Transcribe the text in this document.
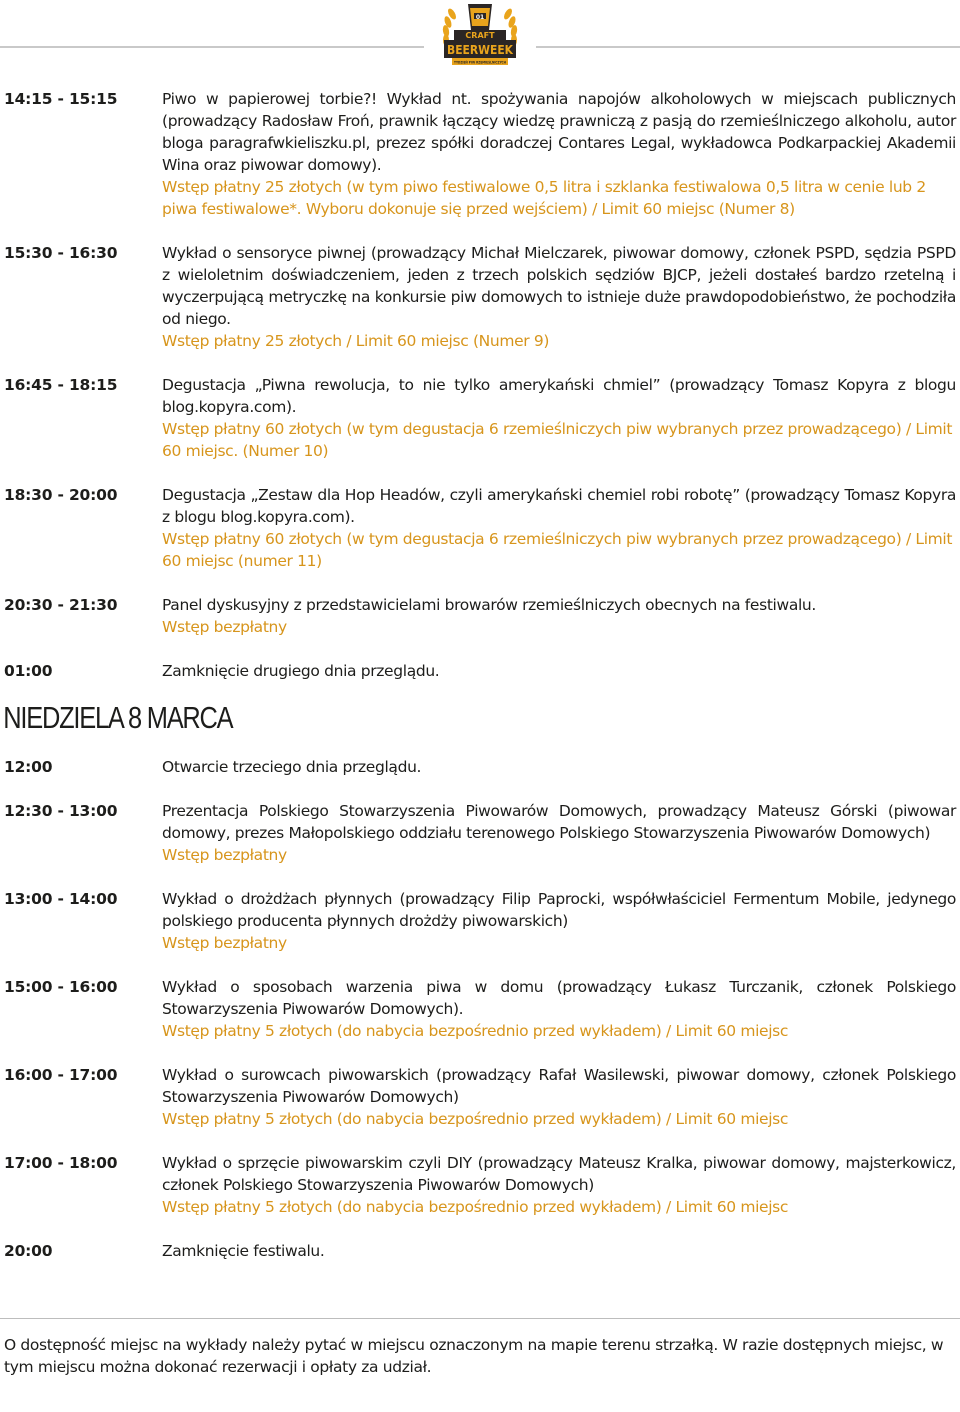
01
CRAFT
BEERWEEK
TYDZIEŃ PIW RZEMIEŚLNICZYCH
14:15 - 15:15	Piwo w papierowej torbie?! Wykład nt. spożywania napojów alkoholowych w miejscach publicznych (prowadzący Radosław Froń, prawnik łączący wiedzę prawniczą z pasją do rzemieślniczego alkoholu, autor bloga paragrafwkieliszku.pl, prezez spółki doradczej Contares Legal, wykładowca Podkarpackiej Akademii Wina oraz piwowar domowy).
Wstęp płatny 25 złotych (w tym piwo festiwalowe 0,5 litra i szklanka festiwalowa 0,5 litra w cenie lub 2 piwa festiwalowe*. Wyboru dokonuje się przed wejściem) / Limit 60 miejsc (Numer 8)
15:30 - 16:30	Wykład o sensoryce piwnej (prowadzący Michał Mielczarek, piwowar domowy, członek PSPD, sędzia PSPD z wieloletnim doświadczeniem, jeden z trzech polskich sędziów BJCP, jeżeli dostałeś bardzo rzetelną i wyczerpującą metryczkę na konkursie piw domowych to istnieje duże prawdopodobieństwo, że pochodziła od niego.
Wstęp płatny 25 złotych / Limit 60 miejsc (Numer 9)
16:45 - 18:15	Degustacja „Piwna rewolucja, to nie tylko amerykański chmiel” (prowadzący Tomasz Kopyra z blogu blog.kopyra.com).
Wstęp płatny 60 złotych (w tym degustacja 6 rzemieślniczych piw wybranych przez prowadzącego) / Limit 60 miejsc. (Numer 10)
18:30 - 20:00	Degustacja „Zestaw dla Hop Headów, czyli amerykański chemiel robi robotę” (prowadzący Tomasz Kopyra z blogu blog.kopyra.com).
Wstęp płatny 60 złotych (w tym degustacja 6 rzemieślniczych piw wybranych przez prowadzącego) / Limit 60 miejsc (numer 11)
20:30 - 21:30	Panel dyskusyjny z przedstawicielami browarów rzemieślniczych obecnych na festiwalu.
Wstęp bezpłatny
01:00	Zamknięcie drugiego dnia przeglądu.
NIEDZIELA 8 MARCA
12:00	Otwarcie trzeciego dnia przeglądu.
12:30 - 13:00	Prezentacja Polskiego Stowarzyszenia Piwowarów Domowych, prowadzący Mateusz Górski (piwowar domowy, prezes Małopolskiego oddziału terenowego Polskiego Stowarzyszenia Piwowarów Domowych)
Wstęp bezpłatny
13:00 - 14:00	Wykład o drożdżach płynnych (prowadzący Filip Paprocki, współwłaściciel Fermentum Mobile, jedynego polskiego producenta płynnych drożdży piwowarskich)
Wstęp bezpłatny
15:00 - 16:00	Wykład o sposobach warzenia piwa w domu (prowadzący Łukasz Turczanik, członek Polskiego Stowarzyszenia Piwowarów Domowych).
Wstęp płatny 5 złotych (do nabycia bezpośrednio przed wykładem) / Limit 60 miejsc
16:00 - 17:00	Wykład o surowcach piwowarskich (prowadzący Rafał Wasilewski, piwowar domowy, członek Polskiego Stowarzyszenia Piwowarów Domowych)
Wstęp płatny 5 złotych (do nabycia bezpośrednio przed wykładem) / Limit 60 miejsc
17:00 - 18:00	Wykład o sprzęcie piwowarskim czyli DIY (prowadzący Mateusz Kralka, piwowar domowy, majsterkowicz, członek Polskiego Stowarzyszenia Piwowarów Domowych)
Wstęp płatny 5 złotych (do nabycia bezpośrednio przed wykładem) / Limit 60 miejsc
20:00	Zamknięcie festiwalu.
O dostępność miejsc na wykłady należy pytać w miejscu oznaczonym na mapie terenu strzałką. W razie dostępnych miejsc, w tym miejscu można dokonać rezerwacji i opłaty za udział.
